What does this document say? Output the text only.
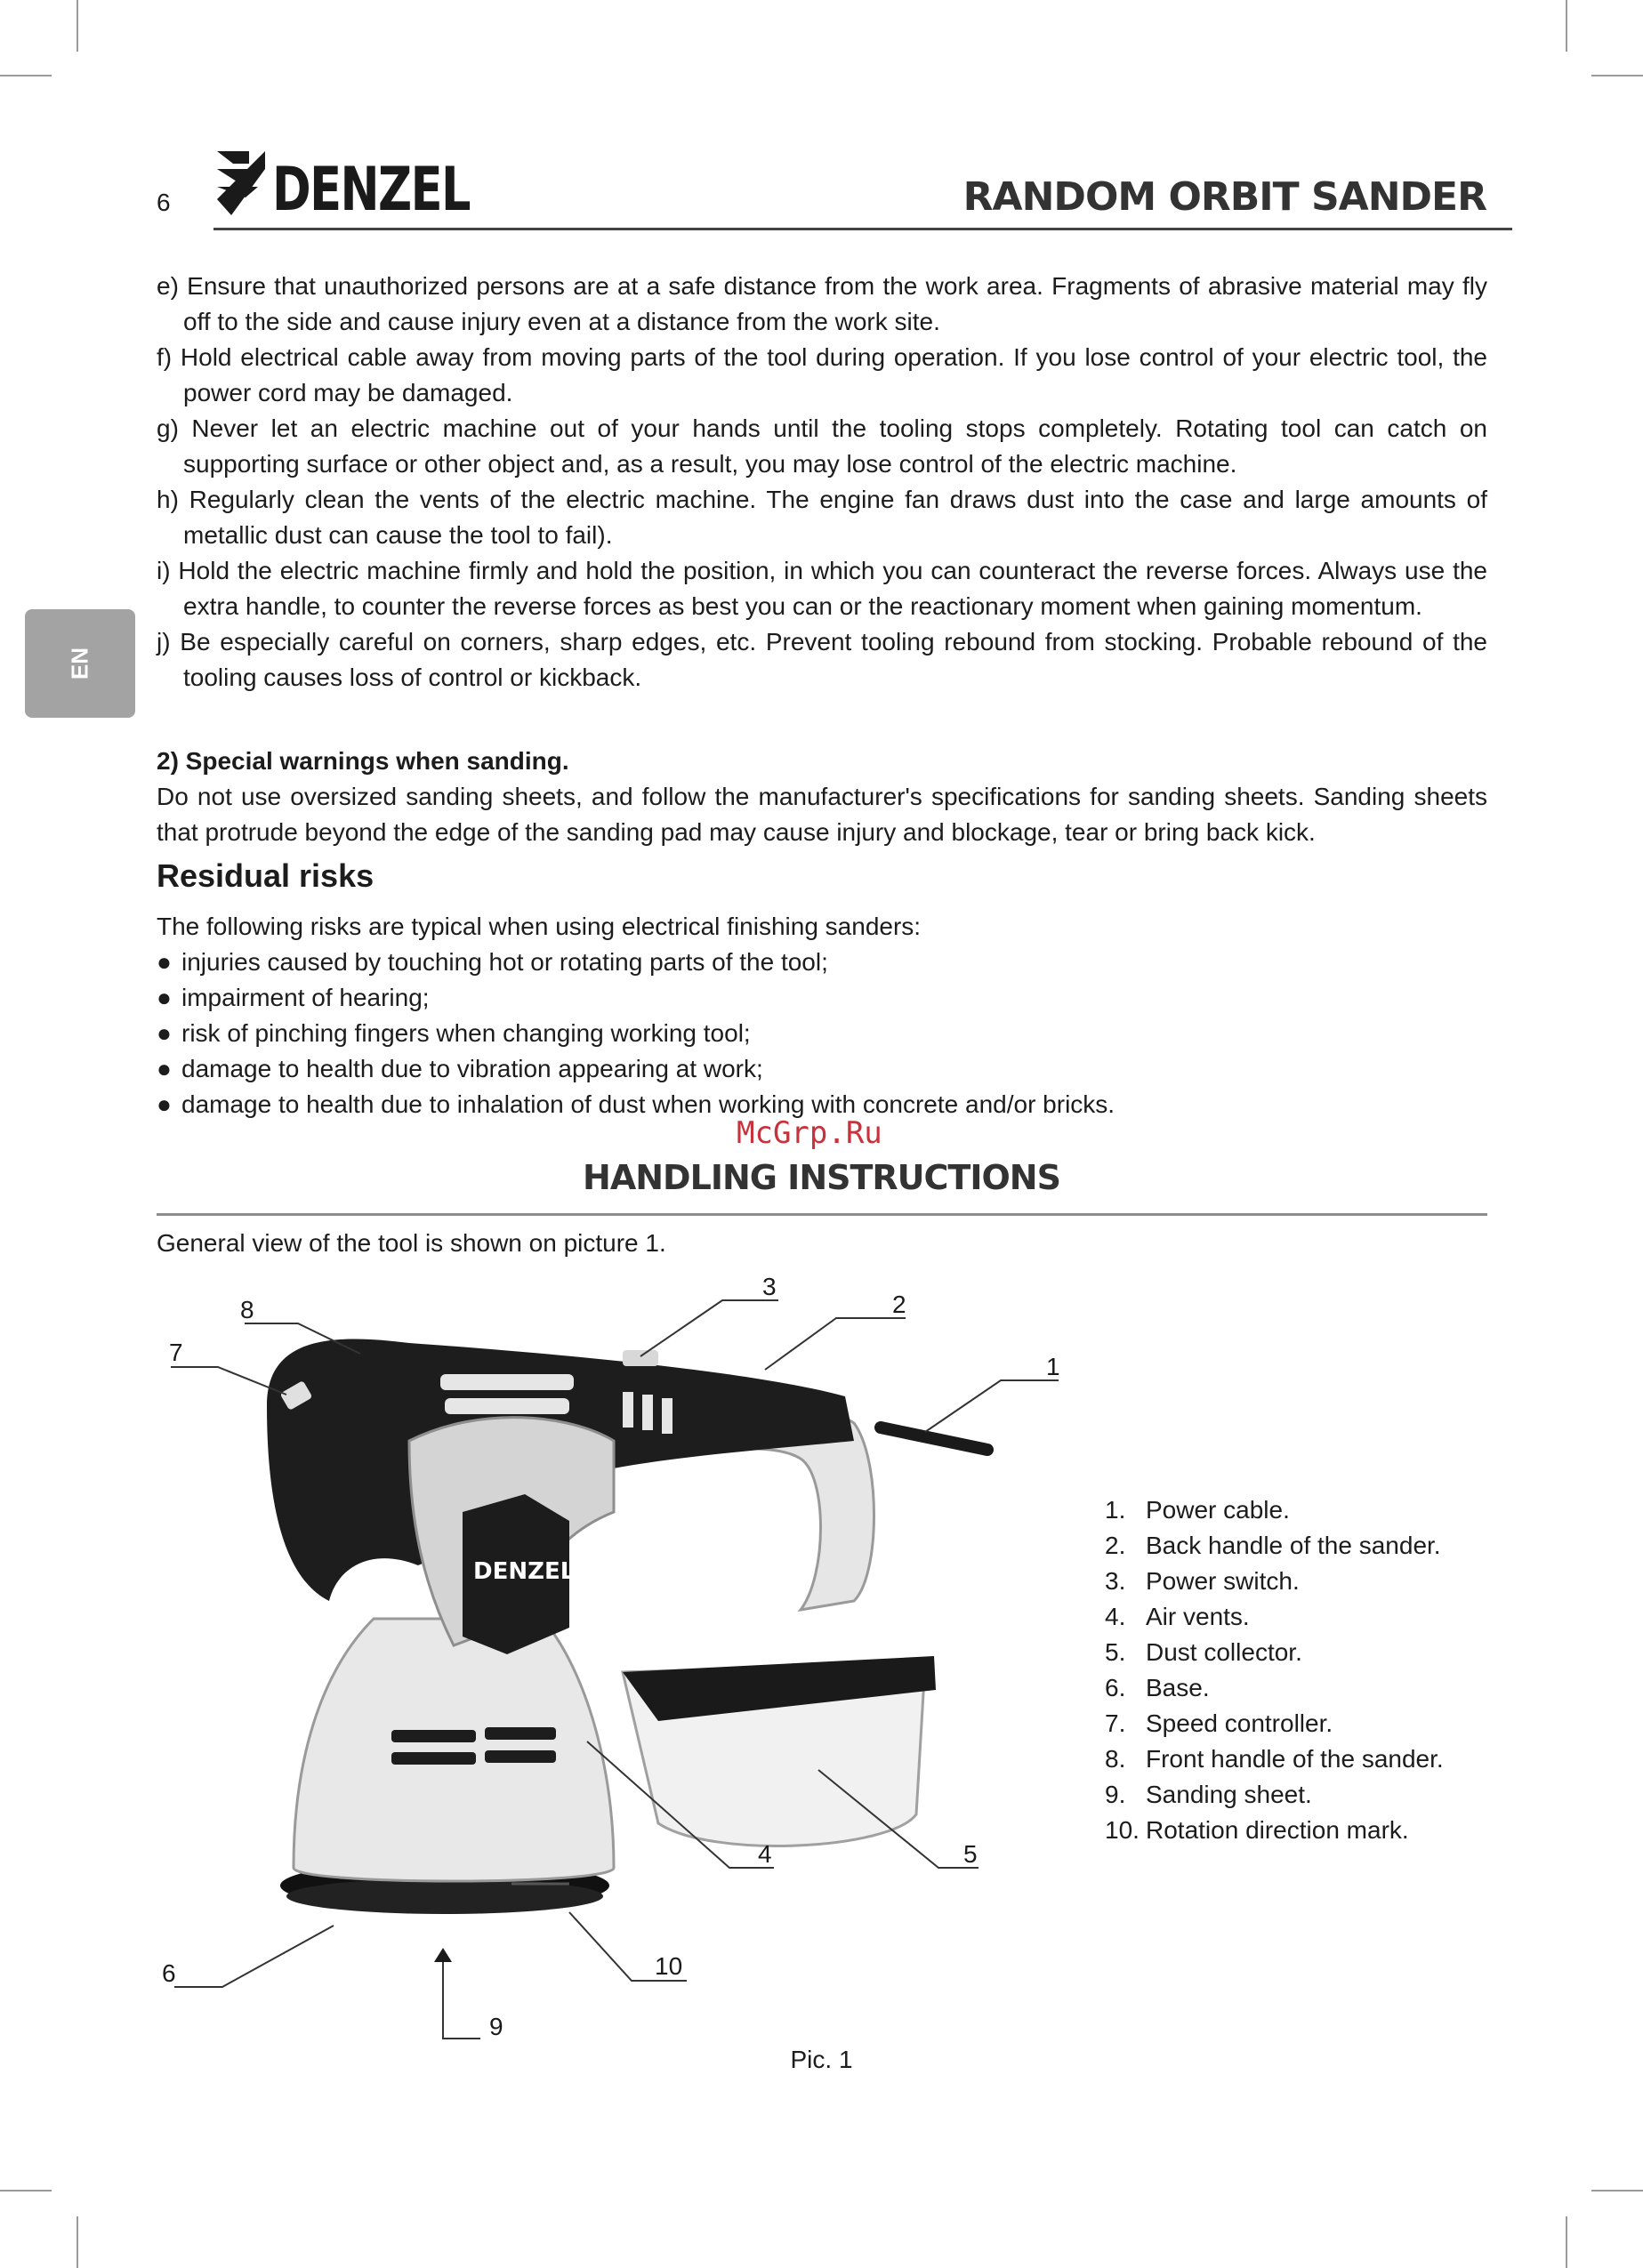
6 DENZEL	RANDOM ORBIT SANDER
EN
e) Ensure that unauthorized persons are at a safe distance from the work area. Fragments of abrasive material may fly off to the side and cause injury even at a distance from the work site.
f) Hold electrical cable away from moving parts of the tool during operation. If you lose control of your electric tool, the power cord may be damaged.
g) Never let an electric machine out of your hands until the tooling stops completely. Rotating tool can catch on supporting surface or other object and, as a result, you may lose control of the electric machine.
h) Regularly clean the vents of the electric machine. The engine fan draws dust into the case and large amounts of metallic dust can cause the tool to fail).
i) Hold the electric machine firmly and hold the position, in which you can counteract the reverse forces. Always use the extra handle, to counter the reverse forces as best you can or the reactionary moment when gaining momentum.
j) Be especially careful on corners, sharp edges, etc. Prevent tooling rebound from stocking. Probable rebound of the tooling causes loss of control or kickback.
2) Special warnings when sanding.
Do not use oversized sanding sheets, and follow the manufacturer's specifications for sanding sheets. Sanding sheets that protrude beyond the edge of the sanding pad may cause injury and blockage, tear or bring back kick.
Residual risks
The following risks are typical when using electrical finishing sanders:
● injuries caused by touching hot or rotating parts of the tool;
● impairment of hearing;
● risk of pinching fingers when changing working tool;
● damage to health due to vibration appearing at work;
● damage to health due to inhalation of dust when working with concrete and/or bricks.
McGrp.Ru
HANDLING INSTRUCTIONS
General view of the tool is shown on picture 1.
DENZEL
1
2
3
4	5
6
7
8
9
10
1. Power cable.
2. Back handle of the sander.
3. Power switch.
4. Air vents.
5. Dust collector.
6. Base.
7. Speed controller.
8. Front handle of the sander.
9. Sanding sheet.
10. Rotation direction mark.
Pic. 1
